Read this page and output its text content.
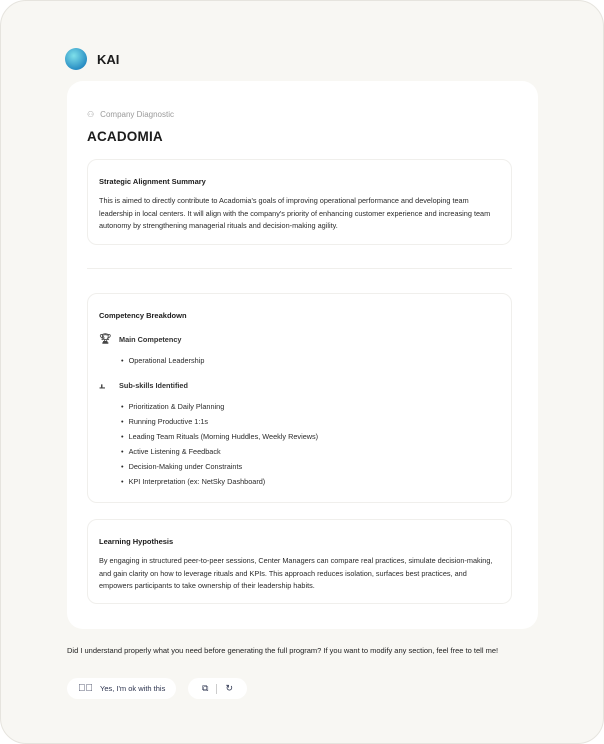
KAI
⚇ Company Diagnostic
ACADOMIA
Strategic Alignment Summary

This is aimed to directly contribute to Acadomia's goals of improving operational performance and developing team leadership in local centers. It will align with the company's priority of enhancing customer experience and increasing team autonomy by strengthening managerial rituals and decision-making agility.

Competency Breakdown
🏆︎ Main Competency
• Operational Leadership
⫠	Sub-skills Identified
• Prioritization & Daily Planning
• Running Productive 1:1s
• Leading Team Rituals (Morning Huddles, Weekly Reviews)
• Active Listening & Feedback
• Decision-Making under Constraints
• KPI Interpretation (ex: NetSky Dashboard)
Learning Hypothesis

By engaging in structured peer-to-peer sessions, Center Managers can compare real practices, simulate decision-making, and gain clarity on how to leverage rituals and KPIs. This approach reduces isolation, surfaces best practices, and empowers participants to take ownership of their leadership habits.

Did I understand properly what you need before generating the full program? If you want to modify any section, feel free to tell me!
✓⃝ Yes, I'm ok with this	⧉ ↻
